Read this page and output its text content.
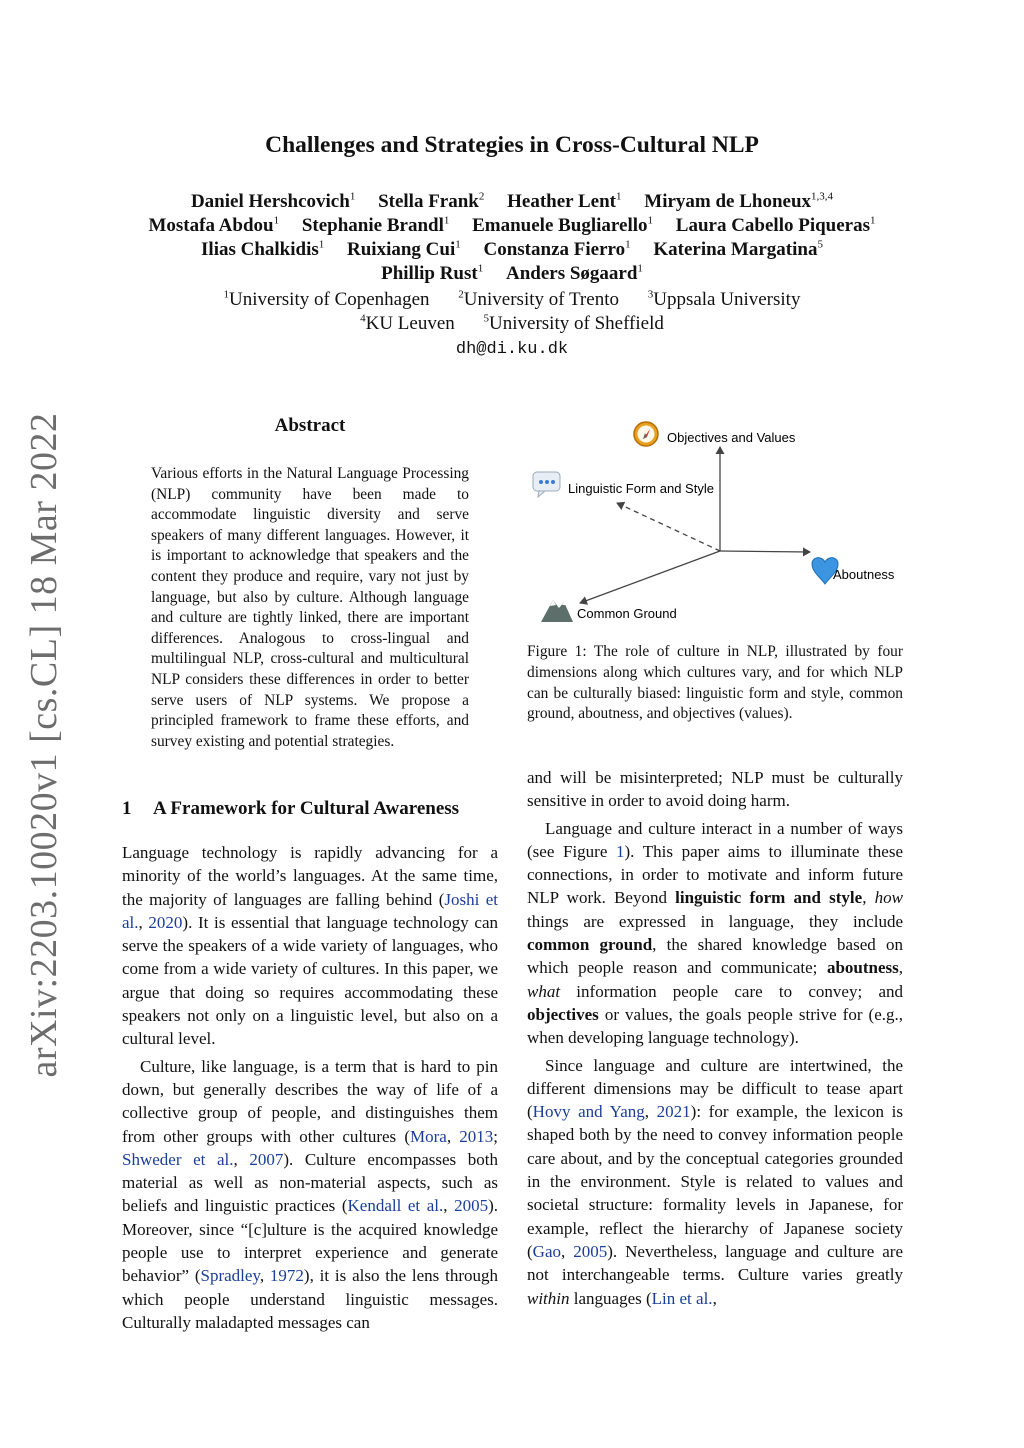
Challenges and Strategies in Cross-Cultural NLP
Daniel Hershcovich$^1$ Stella Frank$^2$ Heather Lent$^1$ Miryam de Lhoneux$^{1,3,4}$
Mostafa Abdou$^1$ Stephanie Brandl$^1$ Emanuele Bugliarello$^1$ Laura Cabello Piqueras$^1$
Ilias Chalkidis$^1$ Ruixiang Cui$^1$ Constanza Fierro$^1$ Katerina Margatina$^5$
Phillip Rust$^1$ Anders Søgaard$^1$
$^1$University of Copenhagen	$^2$University of Trento	$^3$Uppsala University
$^4$KU Leuven	$^5$University of Sheffield
dh@di.ku.dk
arXiv:2203.10020v1 [cs.CL] 18 Mar 2022	Abstract
Various efforts in the Natural Language Processing (NLP) community have been made to accommodate linguistic diversity and serve speakers of many different languages. However, it is important to acknowledge that speakers and the content they produce and require, vary not just by language, but also by culture. Although language and culture are tightly linked, there are important differences. Analogous to cross-lingual and multilingual NLP, cross-cultural and multicultural NLP considers these differences in order to better serve users of NLP systems. We propose a principled framework to frame these efforts, and survey existing and potential strategies.
1 A Framework for Cultural Awareness

Language technology is rapidly advancing for a minority of the world’s languages. At the same time, the majority of languages are falling behind (Joshi et al., 2020). It is essential that language technology can serve the speakers of a wide variety of languages, who come from a wide variety of cultures. In this paper, we argue that doing so requires accommodating these speakers not only on a linguistic level, but also on a cultural level.

Culture, like language, is a term that is hard to pin down, but generally describes the way of life of a collective group of people, and distinguishes them from other groups with other cultures (Mora, 2013; Shweder et al., 2007). Culture encompasses both material as well as non-material aspects, such as beliefs and linguistic practices (Kendall et al., 2005). Moreover, since “[c]ulture is the acquired knowledge people use to interpret experience and generate behavior” (Spradley, 1972), it is also the lens through which people understand linguistic messages. Culturally maladapted messages can

Objectives and Values
Linguistic Form and Style
Aboutness
Common Ground
Figure 1: The role of culture in NLP, illustrated by four dimensions along which cultures vary, and for which NLP can be culturally biased: linguistic form and style, common ground, aboutness, and objectives (values).

and will be misinterpreted; NLP must be culturally sensitive in order to avoid doing harm.

Language and culture interact in a number of ways (see Figure 1). This paper aims to illuminate these connections, in order to motivate and inform future NLP work. Beyond linguistic form and style, how things are expressed in language, they include common ground, the shared knowledge based on which people reason and communicate; aboutness, what information people care to convey; and objectives or values, the goals people strive for (e.g., when developing language technology).

Since language and culture are intertwined, the different dimensions may be difficult to tease apart (Hovy and Yang, 2021): for example, the lexicon is shaped both by the need to convey information people care about, and by the conceptual categories grounded in the environment. Style is related to values and societal structure: formality levels in Japanese, for example, reflect the hierarchy of Japanese society (Gao, 2005). Nevertheless, language and culture are not interchangeable terms. Culture varies greatly within languages (Lin et al.,
